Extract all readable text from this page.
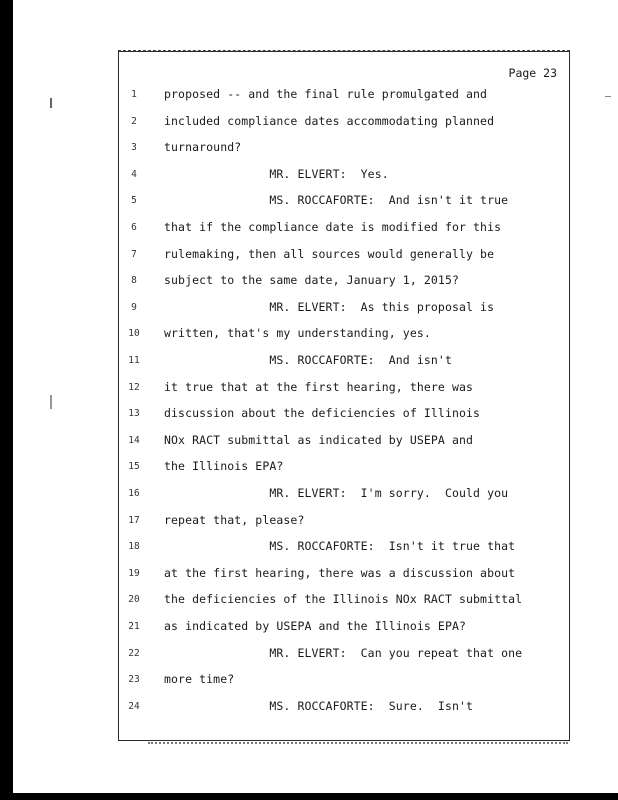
Page 23
1	proposed -- and the final rule promulgated and
2	included compliance dates accommodating planned
3	turnaround?
4	MR. ELVERT:  Yes.
5	MS. ROCCAFORTE:  And isn't it true
6	that if the compliance date is modified for this
7	rulemaking, then all sources would generally be
8	subject to the same date, January 1, 2015?
9	MR. ELVERT:  As this proposal is
10	written, that's my understanding, yes.
11	MS. ROCCAFORTE:  And isn't
12	it true that at the first hearing, there was
13	discussion about the deficiencies of Illinois
14	NOx RACT submittal as indicated by USEPA and
15	the Illinois EPA?
16	MR. ELVERT:  I'm sorry.  Could you
17	repeat that, please?
18	MS. ROCCAFORTE:  Isn't it true that
19	at the first hearing, there was a discussion about
20	the deficiencies of the Illinois NOx RACT submittal
21	as indicated by USEPA and the Illinois EPA?
22	MR. ELVERT:  Can you repeat that one
23	more time?
24	MS. ROCCAFORTE:  Sure.  Isn't
